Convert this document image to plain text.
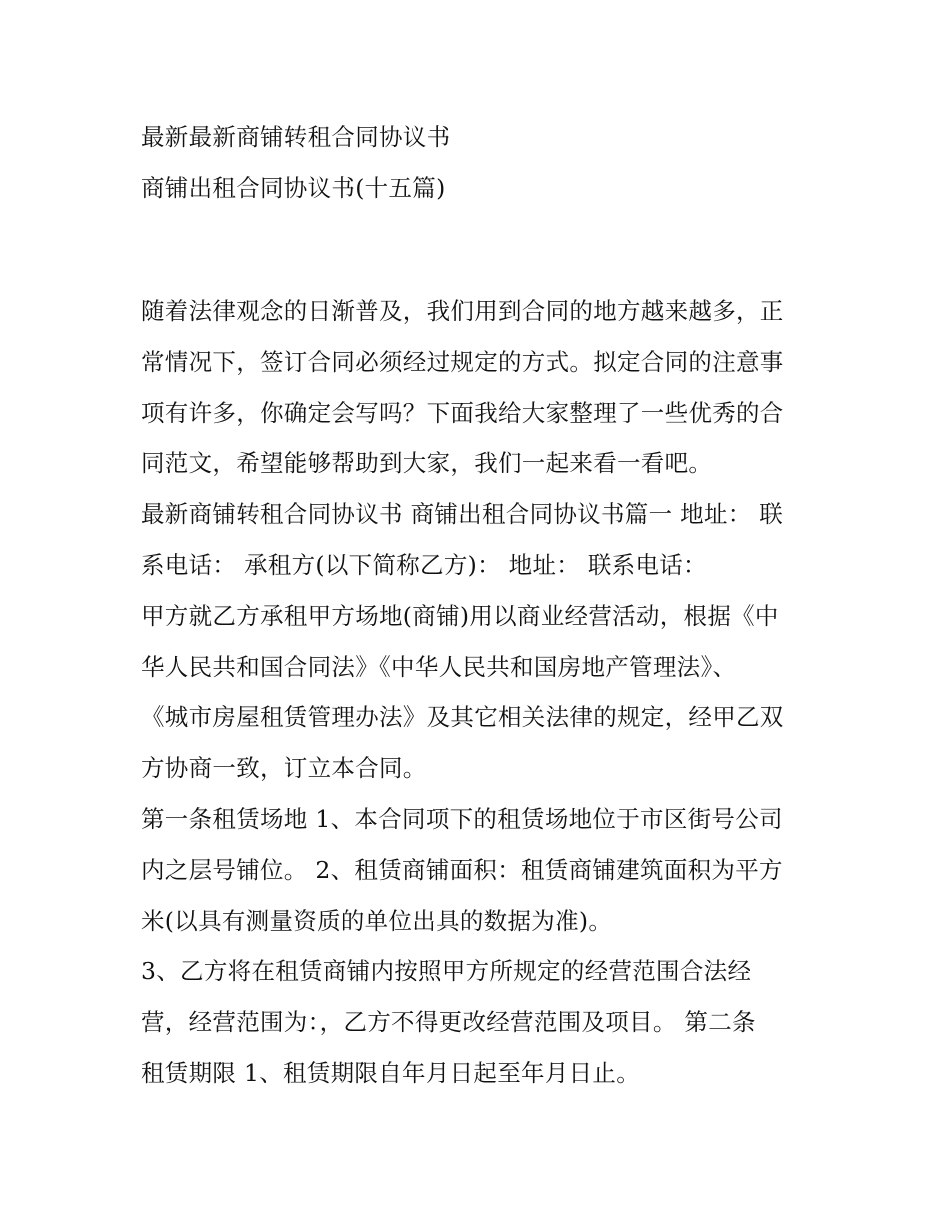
最新最新商铺转租合同协议书
商铺出租合同协议书(十五篇)

随着法律观念的日渐普及，我们用到合同的地方越来越多，正
常情况下，签订合同必须经过规定的方式。拟定合同的注意事
项有许多，你确定会写吗？下面我给大家整理了一些优秀的合
同范文，希望能够帮助到大家，我们一起来看一看吧。

最新商铺转租合同协议书 商铺出租合同协议书篇一 地址： 联
系电话： 承租方(以下简称乙方)： 地址： 联系电话：

甲方就乙方承租甲方场地(商铺)用以商业经营活动，根据《中
华人民共和国合同法》《中华人民共和国房地产管理法》、
《城市房屋租赁管理办法》及其它相关法律的规定，经甲乙双
方协商一致，订立本合同。

第一条租赁场地 1、本合同项下的租赁场地位于市区街号公司
内之层号铺位。 2、租赁商铺面积：租赁商铺建筑面积为平方
米(以具有测量资质的单位出具的数据为准)。

3、乙方将在租赁商铺内按照甲方所规定的经营范围合法经
营，经营范围为：，乙方不得更改经营范围及项目。 第二条
租赁期限 1、租赁期限自年月日起至年月日止。
